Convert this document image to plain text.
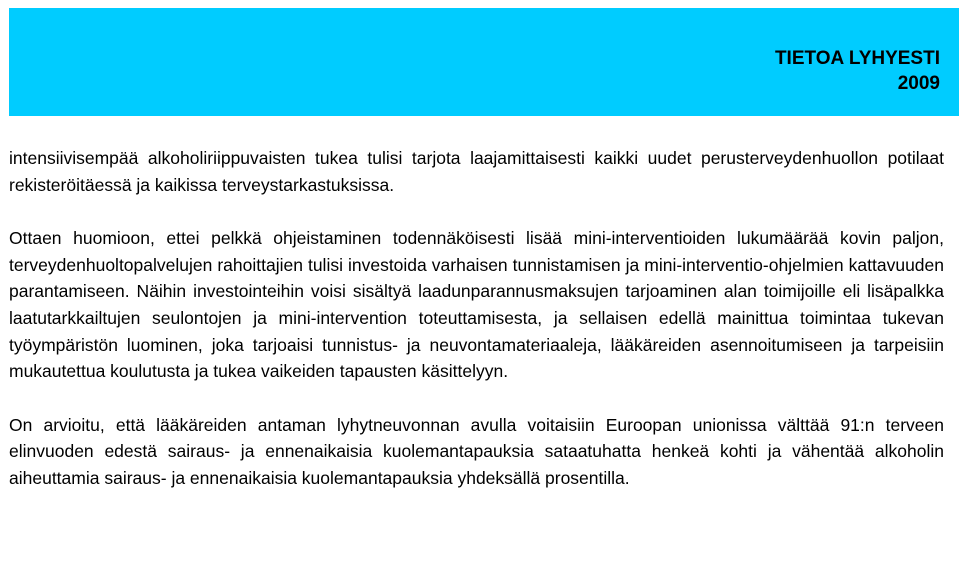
TIETOA LYHYESTI
2009

intensiivisempää alkoholiriippuvaisten tukea tulisi tarjota laajamittaisesti kaikki uudet perusterveydenhuollon potilaat rekisteröitäessä ja kaikissa terveystarkastuksissa.

Ottaen huomioon, ettei pelkkä ohjeistaminen todennäköisesti lisää mini-interventioiden lukumäärää kovin paljon, terveydenhuoltopalvelujen rahoittajien tulisi investoida varhaisen tunnistamisen ja mini-interventio-ohjelmien kattavuuden parantamiseen. Näihin investointeihin voisi sisältyä laadunparannusmaksujen tarjoaminen alan toimijoille eli lisäpalkka laatutarkkailtujen seulontojen ja mini-intervention toteuttamisesta, ja sellaisen edellä mainittua toimintaa tukevan työympäristön luominen, joka tarjoaisi tunnistus- ja neuvontamateriaaleja, lääkäreiden asennoitumiseen ja tarpeisiin mukautettua koulutusta ja tukea vaikeiden tapausten käsittelyyn.

On arvioitu, että lääkäreiden antaman lyhytneuvonnan avulla voitaisiin Euroopan unionissa välttää 91:n terveen elinvuoden edestä sairaus- ja ennenaikaisia kuolemantapauksia sataatuhatta henkeä kohti ja vähentää alkoholin aiheuttamia sairaus- ja ennenaikaisia kuolemantapauksia yhdeksällä prosentilla.
